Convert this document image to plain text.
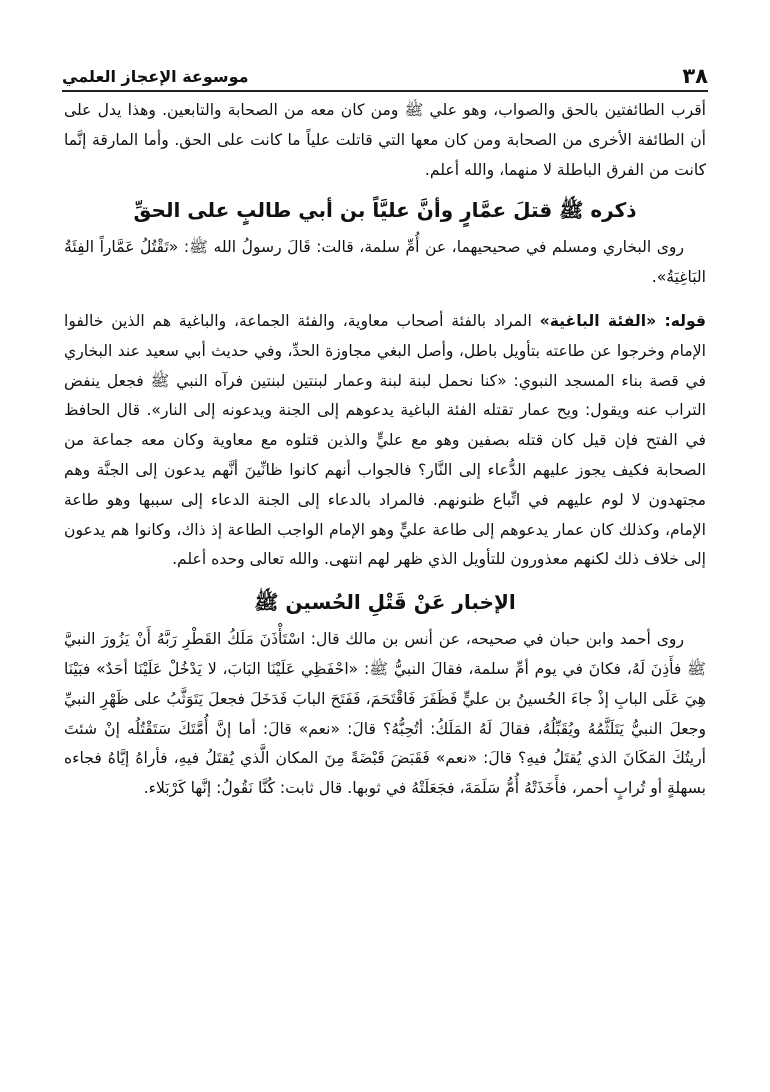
موسوعة الإعجاز العلمي	٣٨

أقرب الطائفتين بالحق والصواب، وهو علي ﷺ ومن كان معه من الصحابة والتابعين. وهذا يدل على أن الطائفة الأخرى من الصحابة ومن كان معها التي قاتلت علياً ما كانت على الحق. وأما المارقة إنَّما كانت من الفرق الباطلة لا منهما، والله أعلم.

ذكره ﷺ قتلَ عمَّارٍ وأنَّ عليَّاً بن أبي طالبٍ على الحقِّ

روى البخاري ومسلم في صحيحيهما، عن أُمِّ سلمة، قالت: قَالَ رسولُ الله ﷺ: «تَقْتُلُ عَمَّاراً الفِئَةُ البَاغِيَةُ».

قوله: «الفئة الباغية» المراد بالفئة أصحاب معاوية، والفئة الجماعة، والباغية هم الذين خالفوا الإمام وخرجوا عن طاعته بتأويل باطل، وأصل البغي مجاوزة الحدِّ، وفي حديث أبي سعيد عند البخاري في قصة بناء المسجد النبوي: «كنا نحمل لبنة لبنة وعمار لبنتين لبنتين فرآه النبي ﷺ فجعل ينفض التراب عنه ويقول: ويح عمار تقتله الفئة الباغية يدعوهم إلى الجنة ويدعونه إلى النار». قال الحافظ في الفتح فإن قيل كان قتله بصفين وهو مع عليٍّ والذين قتلوه مع معاوية وكان معه جماعة من الصحابة فكيف يجوز عليهم الدُّعاء إلى النَّار؟ فالجواب أنهم كانوا ظانِّينَ أنَّهم يدعون إلى الجنَّة وهم مجتهدون لا لوم عليهم في اتِّباع ظنونهم. فالمراد بالدعاء إلى الجنة الدعاء إلى سببها وهو طاعة الإمام، وكذلك كان عمار يدعوهم إلى طاعة عليٍّ وهو الإمام الواجب الطاعة إذ ذاك، وكانوا هم يدعون إلى خلاف ذلك لكنهم معذورون للتأويل الذي ظهر لهم انتهى. والله تعالى وحده أعلم.

الإخبار عَنْ قَتْلِ الحُسين ﷺ

روى أحمد وابن حبان في صحيحه، عن أنس بن مالك قال: اسْتَأْذَنَ مَلَكُ القَطْرِ رَبَّهُ أَنْ يَزُورَ النبيَّ ﷺ فأَذِنَ لَهُ، فكانَ في يوم أمِّ سلمة، فقالَ النبيُّ ﷺ: «احْفَظِي عَلَيْنَا البَابَ، لا يَدْخُلْ عَلَيْنَا أحَدٌ» فبَيْنَا هِيَ عَلَى البابِ إذْ جاءَ الحُسينُ بن عليٍّ فَظَفَرَ فَاقْتَحَمَ، فَفَتَحَ البابَ فَدَخَلَ فجعلَ يَتَوَثَّبُ على ظَهْرِ النبيِّ وجعلَ النبيُّ يَتَلَثَّمُهُ ويُقَبِّلُهُ، فقالَ لَهُ المَلَكُ: أتُحِبُّهُ؟ قالَ: «نعم» قالَ: أما إنَّ أُمَّتَكَ سَتَقْتُلُه إنْ شئتَ أريتُكَ المَكَانَ الذي يُقتَلُ فيهِ؟ قالَ: «نعم» فَقَبَضَ قَبْضَةً مِنَ المكان الَّذي يُقتَلُ فيهِ، فأراهُ إيَّاهُ فجاءه بسهلةٍ أو تُرابٍ أحمر، فأَخَذَتْهُ أُمُّ سَلَمَةَ، فجَعَلَتْهُ في ثوبها. قال ثابت: كُنَّا نَقُولُ: إنَّها كَرْبَلاء.
